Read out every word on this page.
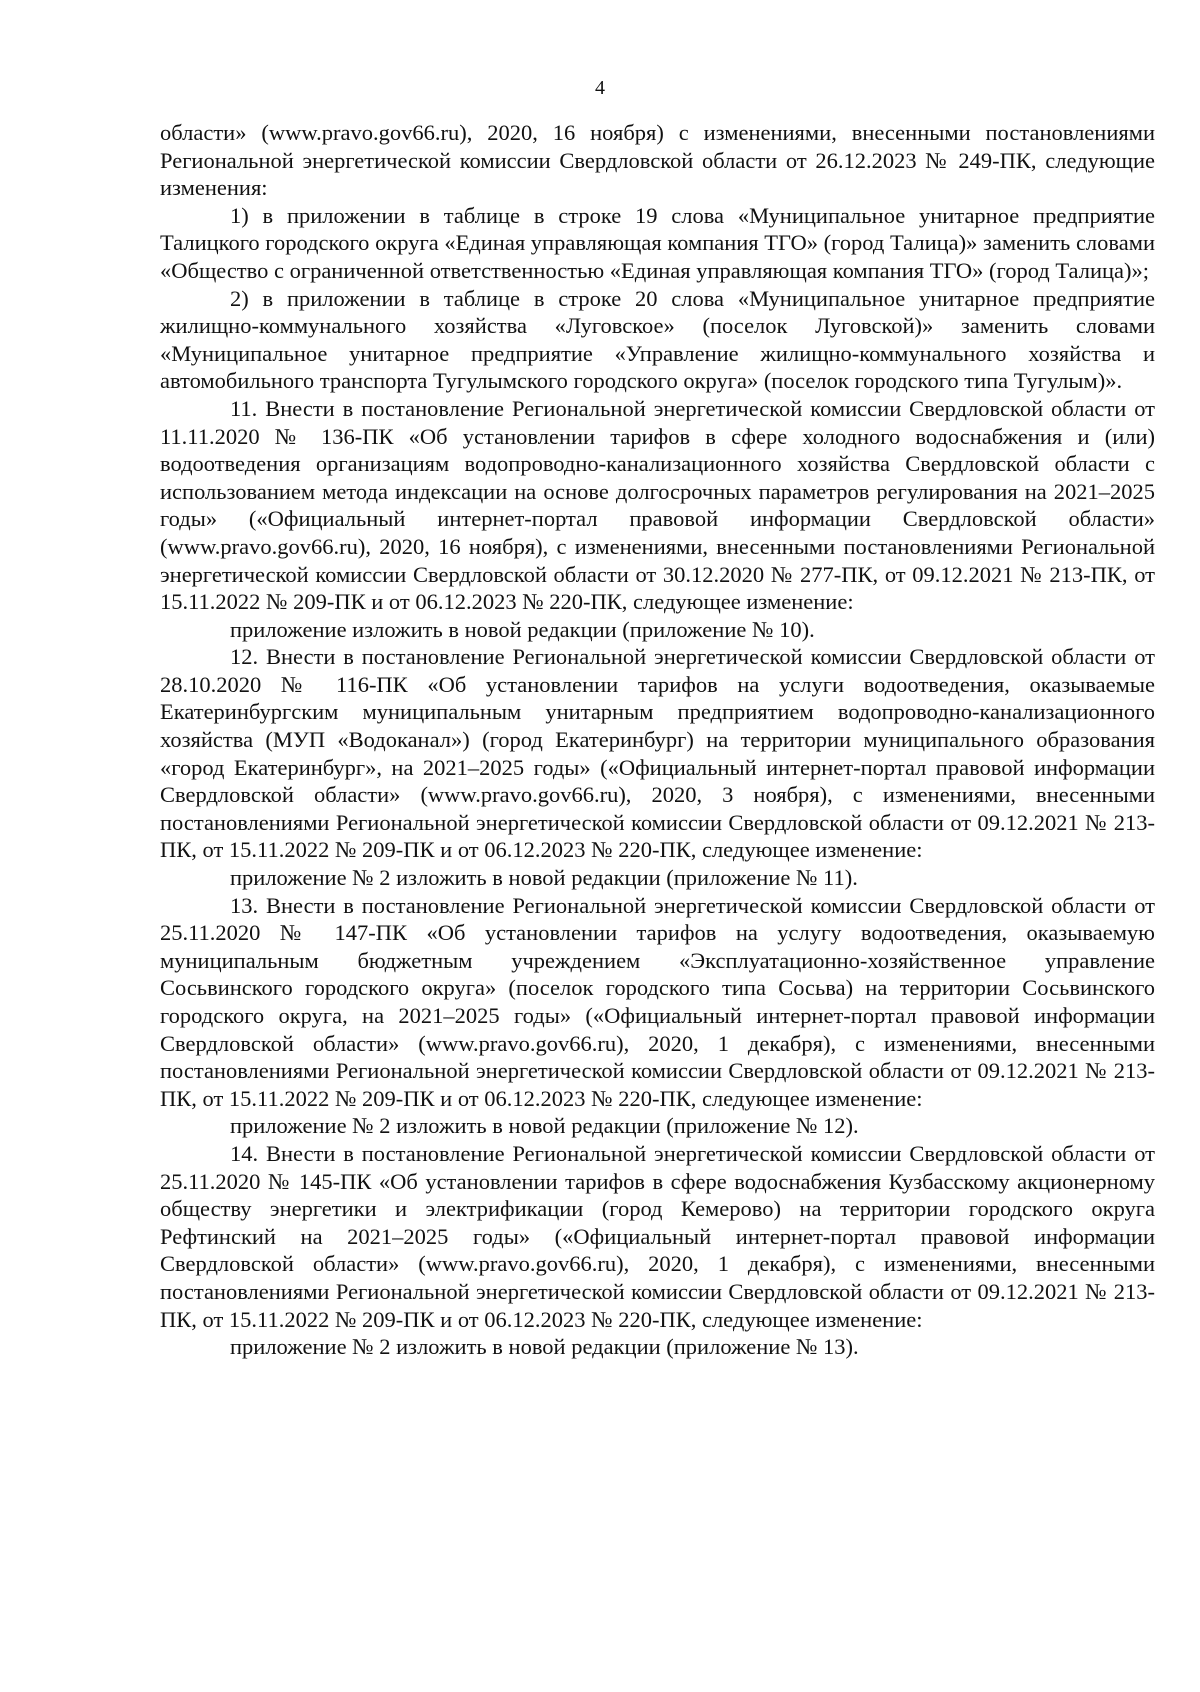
4

области» (www.pravo.gov66.ru), 2020, 16 ноября) с изменениями, внесенными постановлениями Региональной энергетической комиссии Свердловской области от 26.12.2023 № 249-ПК, следующие изменения:

1) в приложении в таблице в строке 19 слова «Муниципальное унитарное предприятие Талицкого городского округа «Единая управляющая компания ТГО» (город Талица)» заменить словами «Общество с ограниченной ответственностью «Единая управляющая компания ТГО» (город Талица)»;

2) в приложении в таблице в строке 20 слова «Муниципальное унитарное предприятие жилищно-коммунального хозяйства «Луговское» (поселок Луговской)» заменить словами «Муниципальное унитарное предприятие «Управление жилищно-коммунального хозяйства и автомобильного транспорта Тугулымского городского округа» (поселок городского типа Тугулым)».

11. Внести в постановление Региональной энергетической комиссии Свердловской области от 11.11.2020 № 136-ПК «Об установлении тарифов в сфере холодного водоснабжения и (или) водоотведения организациям водопроводно-канализационного хозяйства Свердловской области с использованием метода индексации на основе долгосрочных параметров регулирования на 2021–2025 годы» («Официальный интернет-портал правовой информации Свердловской области» (www.pravo.gov66.ru), 2020, 16 ноября), с изменениями, внесенными постановлениями Региональной энергетической комиссии Свердловской области от 30.12.2020 № 277-ПК, от 09.12.2021 № 213-ПК, от 15.11.2022 № 209-ПК и от 06.12.2023 № 220-ПК, следующее изменение:

приложение изложить в новой редакции (приложение № 10).

12. Внести в постановление Региональной энергетической комиссии Свердловской области от 28.10.2020 № 116-ПК «Об установлении тарифов на услуги водоотведения, оказываемые Екатеринбургским муниципальным унитарным предприятием водопроводно-канализационного хозяйства (МУП «Водоканал») (город Екатеринбург) на территории муниципального образования «город Екатеринбург», на 2021–2025 годы» («Официальный интернет-портал правовой информации Свердловской области» (www.pravo.gov66.ru), 2020, 3 ноября), с изменениями, внесенными постановлениями Региональной энергетической комиссии Свердловской области от 09.12.2021 № 213-ПК, от 15.11.2022 № 209-ПК и от 06.12.2023 № 220-ПК, следующее изменение:

приложение № 2 изложить в новой редакции (приложение № 11).

13. Внести в постановление Региональной энергетической комиссии Свердловской области от 25.11.2020 № 147-ПК «Об установлении тарифов на услугу водоотведения, оказываемую муниципальным бюджетным учреждением «Эксплуатационно-хозяйственное управление Сосьвинского городского округа» (поселок городского типа Сосьва) на территории Сосьвинского городского округа, на 2021–2025 годы» («Официальный интернет-портал правовой информации Свердловской области» (www.pravo.gov66.ru), 2020, 1 декабря), с изменениями, внесенными постановлениями Региональной энергетической комиссии Свердловской области от 09.12.2021 № 213-ПК, от 15.11.2022 № 209-ПК и от 06.12.2023 № 220-ПК, следующее изменение:

приложение № 2 изложить в новой редакции (приложение № 12).

14. Внести в постановление Региональной энергетической комиссии Свердловской области от 25.11.2020 № 145-ПК «Об установлении тарифов в сфере водоснабжения Кузбасскому акционерному обществу энергетики и электрификации (город Кемерово) на территории городского округа Рефтинский на 2021–2025 годы» («Официальный интернет-портал правовой информации Свердловской области» (www.pravo.gov66.ru), 2020, 1 декабря), с изменениями, внесенными постановлениями Региональной энергетической комиссии Свердловской области от 09.12.2021 № 213-ПК, от 15.11.2022 № 209-ПК и от 06.12.2023 № 220-ПК, следующее изменение:

приложение № 2 изложить в новой редакции (приложение № 13).
